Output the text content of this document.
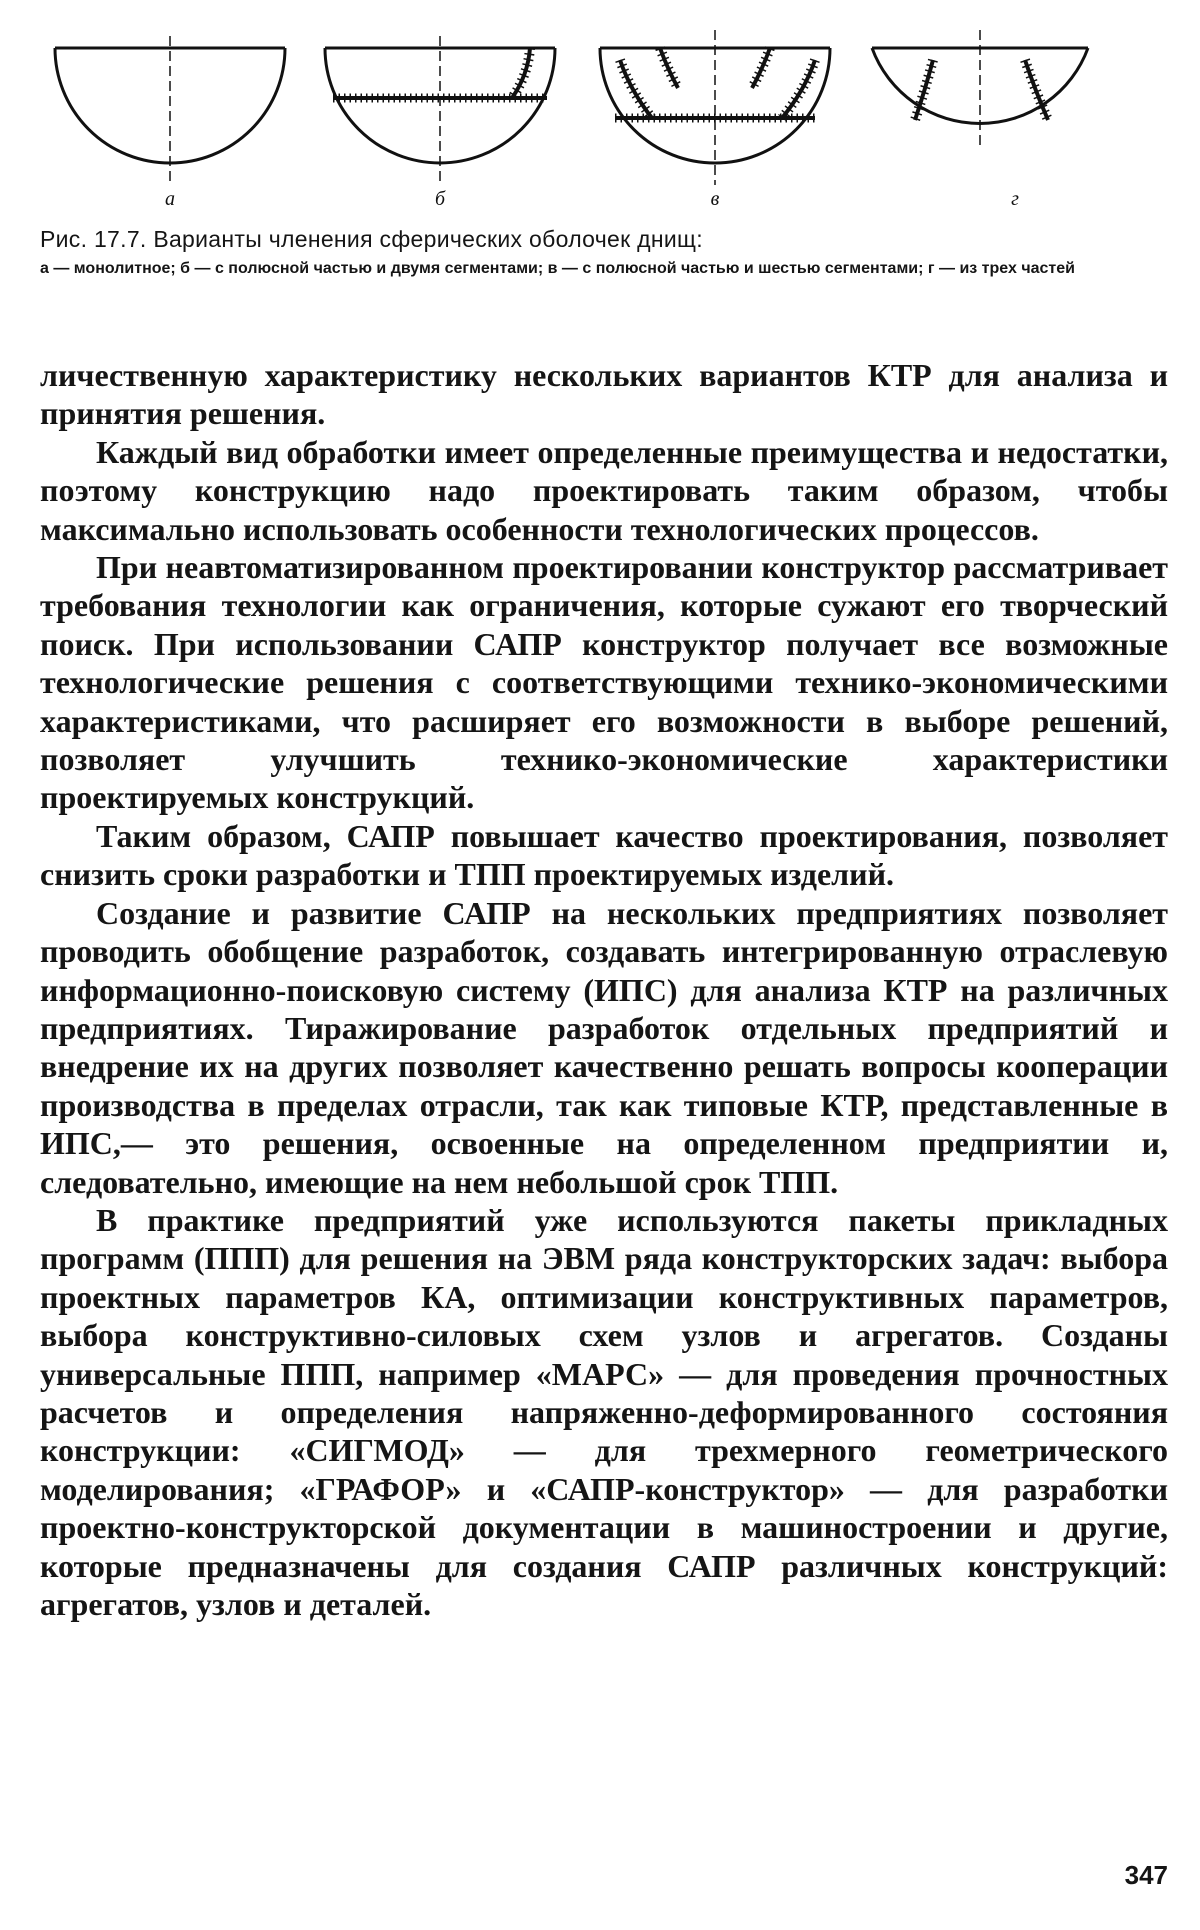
а	б	в	г
Рис. 17.7. Варианты членения сферических оболочек днищ:
а — монолитное; б — с полюсной частью и двумя сегментами; в — с полюсной частью и шестью сегментами; г — из трех частей

личественную характеристику нескольких вариантов КТР для анализа и принятия решения.

Каждый вид обработки имеет определенные преимущества и недостатки, поэтому конструкцию надо проектировать таким образом, чтобы максимально использовать особенности технологических процессов.

При неавтоматизированном проектировании конструктор рассматривает требования технологии как ограничения, которые сужают его творческий поиск. При использовании САПР конструктор получает все возможные технологические решения с соответствующими технико-экономическими характеристиками, что расширяет его возможности в выборе решений, позволяет улучшить технико-экономические характеристики проектируемых конструкций.

Таким образом, САПР повышает качество проектирования, позволяет снизить сроки разработки и ТПП проектируемых изделий.

Создание и развитие САПР на нескольких предприятиях позволяет проводить обобщение разработок, создавать интегрированную отраслевую информационно-поисковую систему (ИПС) для анализа КТР на различных предприятиях. Тиражирование разработок отдельных предприятий и внедрение их на других позволяет качественно решать вопросы кооперации производства в пределах отрасли, так как типовые КТР, представленные в ИПС,— это решения, освоенные на определенном предприятии и, следовательно, имеющие на нем небольшой срок ТПП.

В практике предприятий уже используются пакеты прикладных программ (ППП) для решения на ЭВМ ряда конструкторских задач: выбора проектных параметров КА, оптимизации конструктивных параметров, выбора конструктивно-силовых схем узлов и агрегатов. Созданы универсальные ППП, например «МАРС» — для проведения прочностных расчетов и определения напряженно-деформированного состояния конструкции: «СИГМОД» — для трехмерного геометрического моделирования; «ГРАФОР» и «САПР-конструктор» — для разработки проектно-конструкторской документации в машиностроении и другие, которые предназначены для создания САПР различных конструкций: агрегатов, узлов и деталей.

347
